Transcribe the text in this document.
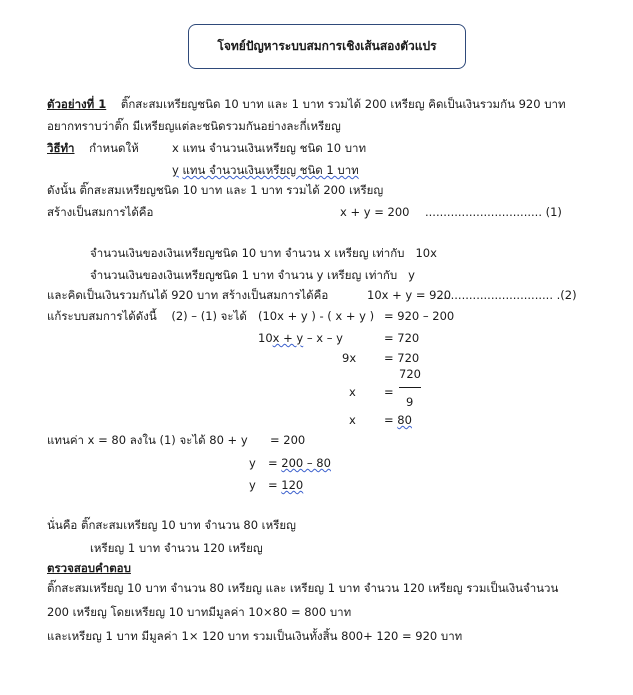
โจทย์ปัญหาระบบสมการเชิงเส้นสองตัวแปร
ตัวอย่างที่ 1 ติ๊กสะสมเหรียญชนิด 10 บาท และ 1 บาท รวมได้ 200 เหรียญ คิดเป็นเงินรวมกัน 920 บาท
อยากทราบว่าติ๊ก มีเหรียญแต่ละชนิดรวมกันอย่างละกี่เหรียญ
วิธีทำ กำหนดให้	x แทน จำนวนเงินเหรียญ ชนิด 10 บาท
y แทน จำนวนเงินเหรียญ ชนิด 1 บาท
ดังนั้น ติ๊กสะสมเหรียญชนิด 10 บาท และ 1 บาท รวมได้ 200 เหรียญ
สร้างเป็นสมการได้คือ	x + y = 200 ................................ (1)
จำนวนเงินของเงินเหรียญชนิด 10 บาท จำนวน x เหรียญ เท่ากับ 10x
จำนวนเงินของเงินเหรียญชนิด 1 บาท จำนวน y เหรียญ เท่ากับ y
และคิดเป็นเงินรวมกันได้ 920 บาท สร้างเป็นสมการได้คือ	10x + y = 920
................................ .(2)
แก้ระบบสมการได้ดังนี้ (2) – (1) จะได้ (10x + y ) - ( x + y ) = 920 – 200
10x + y – x – y	= 720
9x = 720
x =
720
9
x = 80
แทนค่า x = 80 ลงใน (1) จะได้ 80 + y = 200
y = 200 – 80
y = 120
นั่นคือ ติ๊กสะสมเหรียญ 10 บาท จำนวน 80 เหรียญ
เหรียญ 1 บาท จำนวน 120 เหรียญ
ตรวจสอบคำตอบ
ติ๊กสะสมเหรียญ 10 บาท จำนวน 80 เหรียญ และ เหรียญ 1 บาท จำนวน 120 เหรียญ รวมเป็นเงินจำนวน
200 เหรียญ โดยเหรียญ 10 บาทมีมูลค่า 10×80 = 800 บาท
และเหรียญ 1 บาท มีมูลค่า 1× 120 บาท รวมเป็นเงินทั้งสิ้น 800+ 120 = 920 บาท
